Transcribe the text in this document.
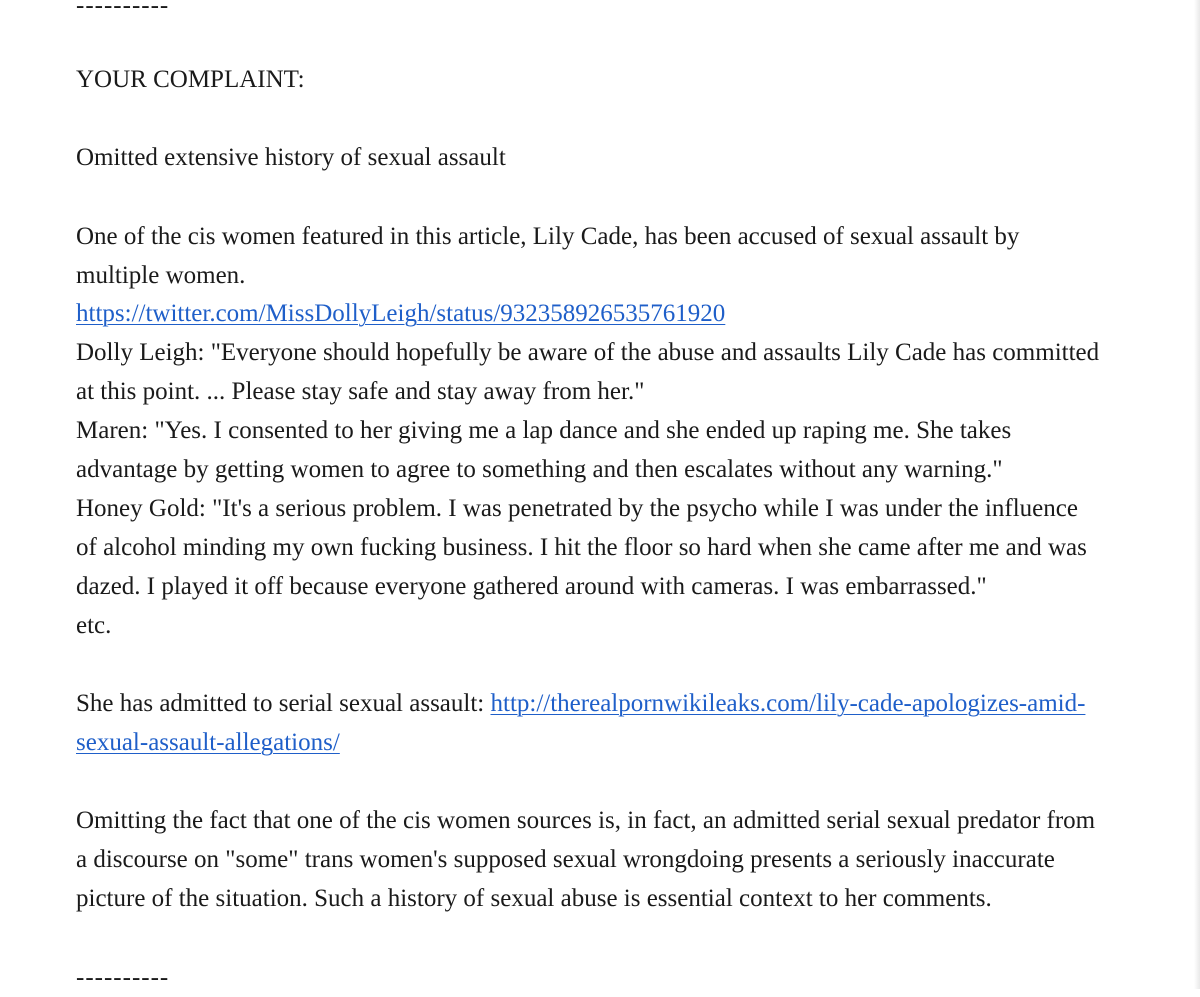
----------

YOUR COMPLAINT:

Omitted extensive history of sexual assault

One of the cis women featured in this article, Lily Cade, has been accused of sexual assault by

multiple women.

https://twitter.com/MissDollyLeigh/status/932358926535761920

Dolly Leigh: "Everyone should hopefully be aware of the abuse and assaults Lily Cade has committed

at this point. ... Please stay safe and stay away from her."

Maren: "Yes. I consented to her giving me a lap dance and she ended up raping me. She takes

advantage by getting women to agree to something and then escalates without any warning."

Honey Gold: "It's a serious problem. I was penetrated by the psycho while I was under the influence

of alcohol minding my own fucking business. I hit the floor so hard when she came after me and was

dazed. I played it off because everyone gathered around with cameras. I was embarrassed."

etc.

She has admitted to serial sexual assault: http://therealpornwikileaks.com/lily-cade-apologizes-amid-

sexual-assault-allegations/

Omitting the fact that one of the cis women sources is, in fact, an admitted serial sexual predator from

a discourse on "some" trans women's supposed sexual wrongdoing presents a seriously inaccurate

picture of the situation. Such a history of sexual abuse is essential context to her comments.

----------
